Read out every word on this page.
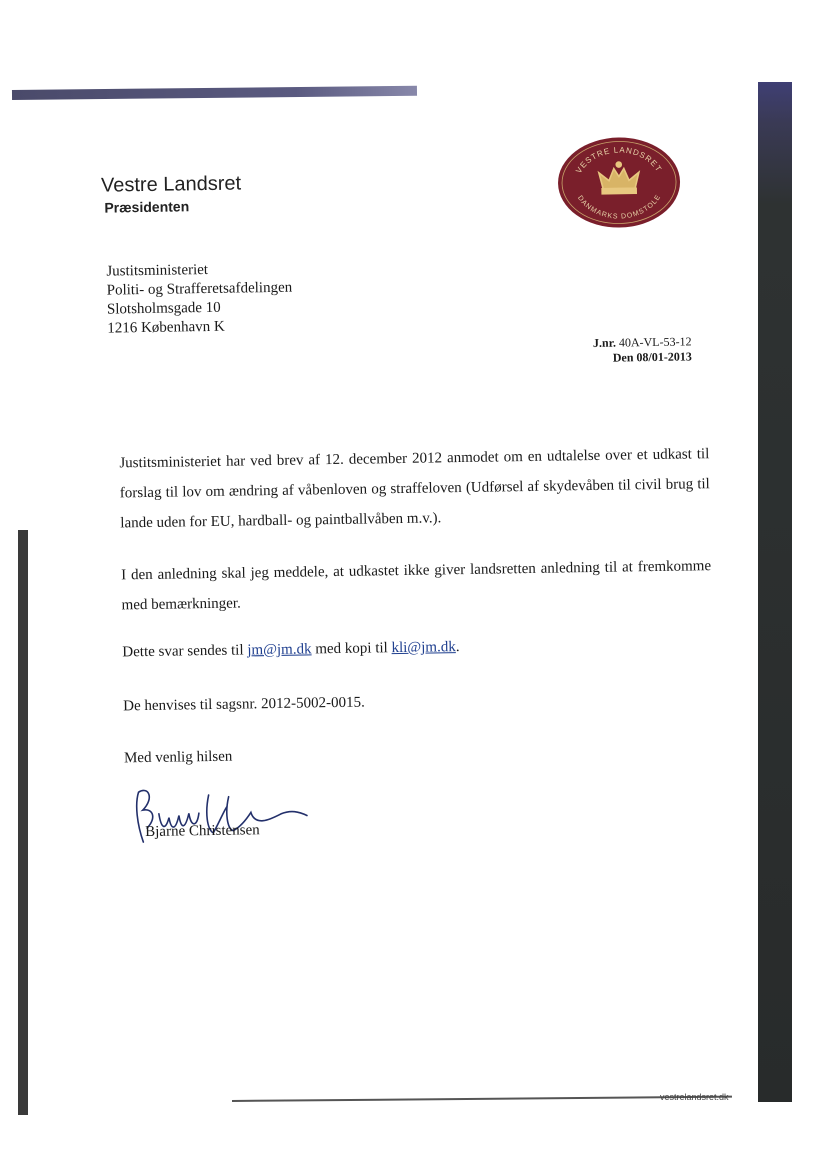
Vestre Landsret
Præsidenten
VESTRE LANDSRET
DANMARKS DOMSTOLE
Justitsministeriet
Politi- og Strafferetsafdelingen
Slotsholmsgade 10
1216 København K
J.nr. 40A-VL-53-12
Den 08/01-2013

Justitsministeriet har ved brev af 12. december 2012 anmodet om en udtalelse over et udkast til forslag til lov om ændring af våbenloven og straffeloven (Udførsel af skydevåben til civil brug til lande uden for EU, hardball- og paintballvåben m.v.).

I den anledning skal jeg meddele, at udkastet ikke giver landsretten anledning til at fremkomme med bemærkninger.

Dette svar sendes til jm@jm.dk med kopi til kli@jm.dk.

De henvises til sagsnr. 2012-5002-0015.

Med venlig hilsen
Bjarne Christensen
vestrelandsret.dk
